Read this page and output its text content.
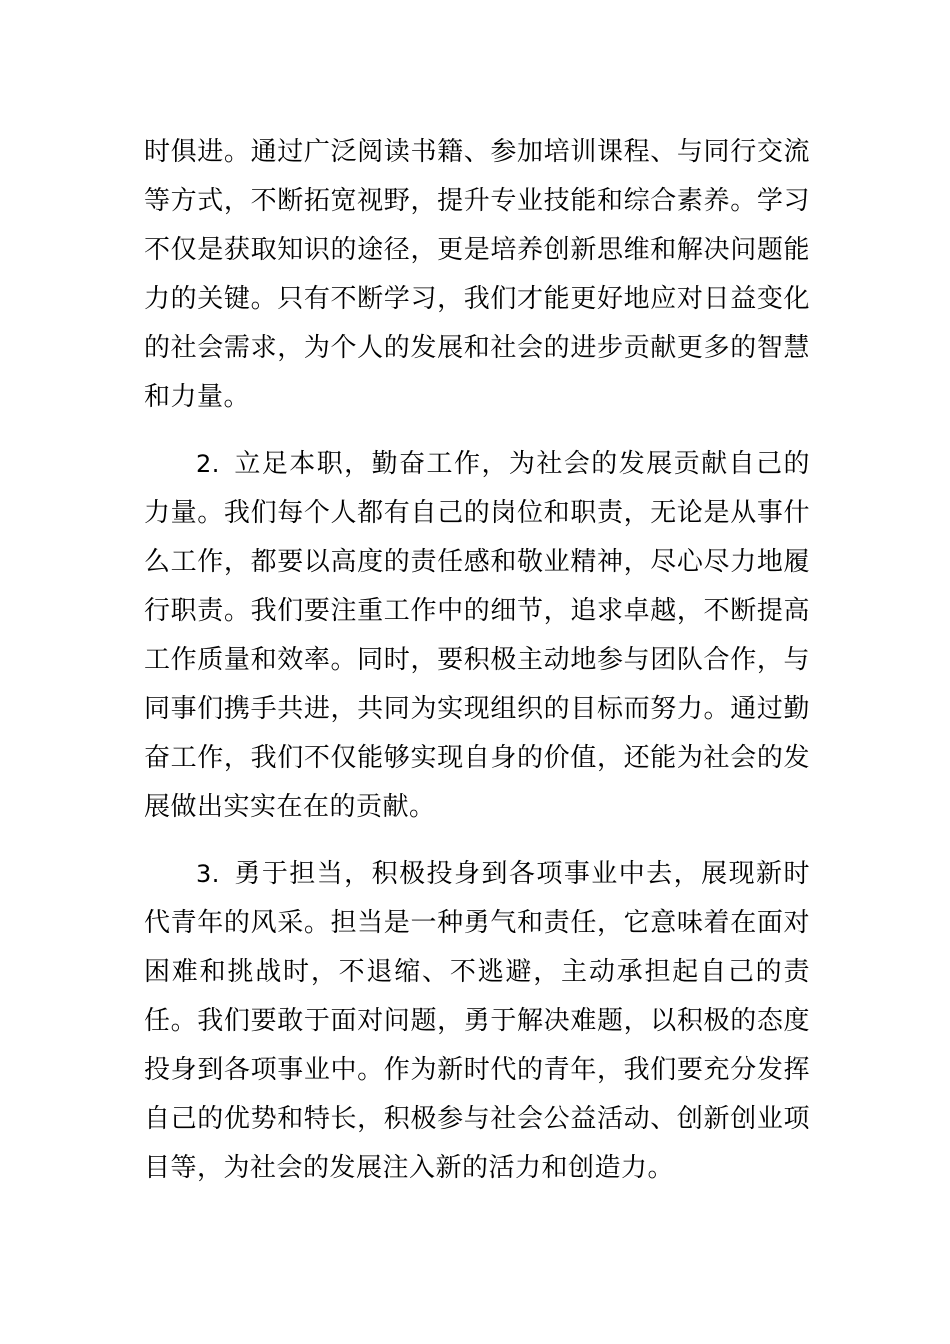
时俱进。通过广泛阅读书籍、参加培训课程、与同行交流等方式，不断拓宽视野，提升专业技能和综合素养。学习不仅是获取知识的途径，更是培养创新思维和解决问题能力的关键。只有不断学习，我们才能更好地应对日益变化的社会需求，为个人的发展和社会的进步贡献更多的智慧和力量。

2.  立足本职，勤奋工作，为社会的发展贡献自己的力量。我们每个人都有自己的岗位和职责，无论是从事什么工作，都要以高度的责任感和敬业精神，尽心尽力地履行职责。我们要注重工作中的细节，追求卓越，不断提高工作质量和效率。同时，要积极主动地参与团队合作，与同事们携手共进，共同为实现组织的目标而努力。通过勤奋工作，我们不仅能够实现自身的价值，还能为社会的发展做出实实在在的贡献。

3.  勇于担当，积极投身到各项事业中去，展现新时代青年的风采。担当是一种勇气和责任，它意味着在面对困难和挑战时，不退缩、不逃避，主动承担起自己的责任。我们要敢于面对问题，勇于解决难题，以积极的态度投身到各项事业中。作为新时代的青年，我们要充分发挥自己的优势和特长，积极参与社会公益活动、创新创业项目等，为社会的发展注入新的活力和创造力。
